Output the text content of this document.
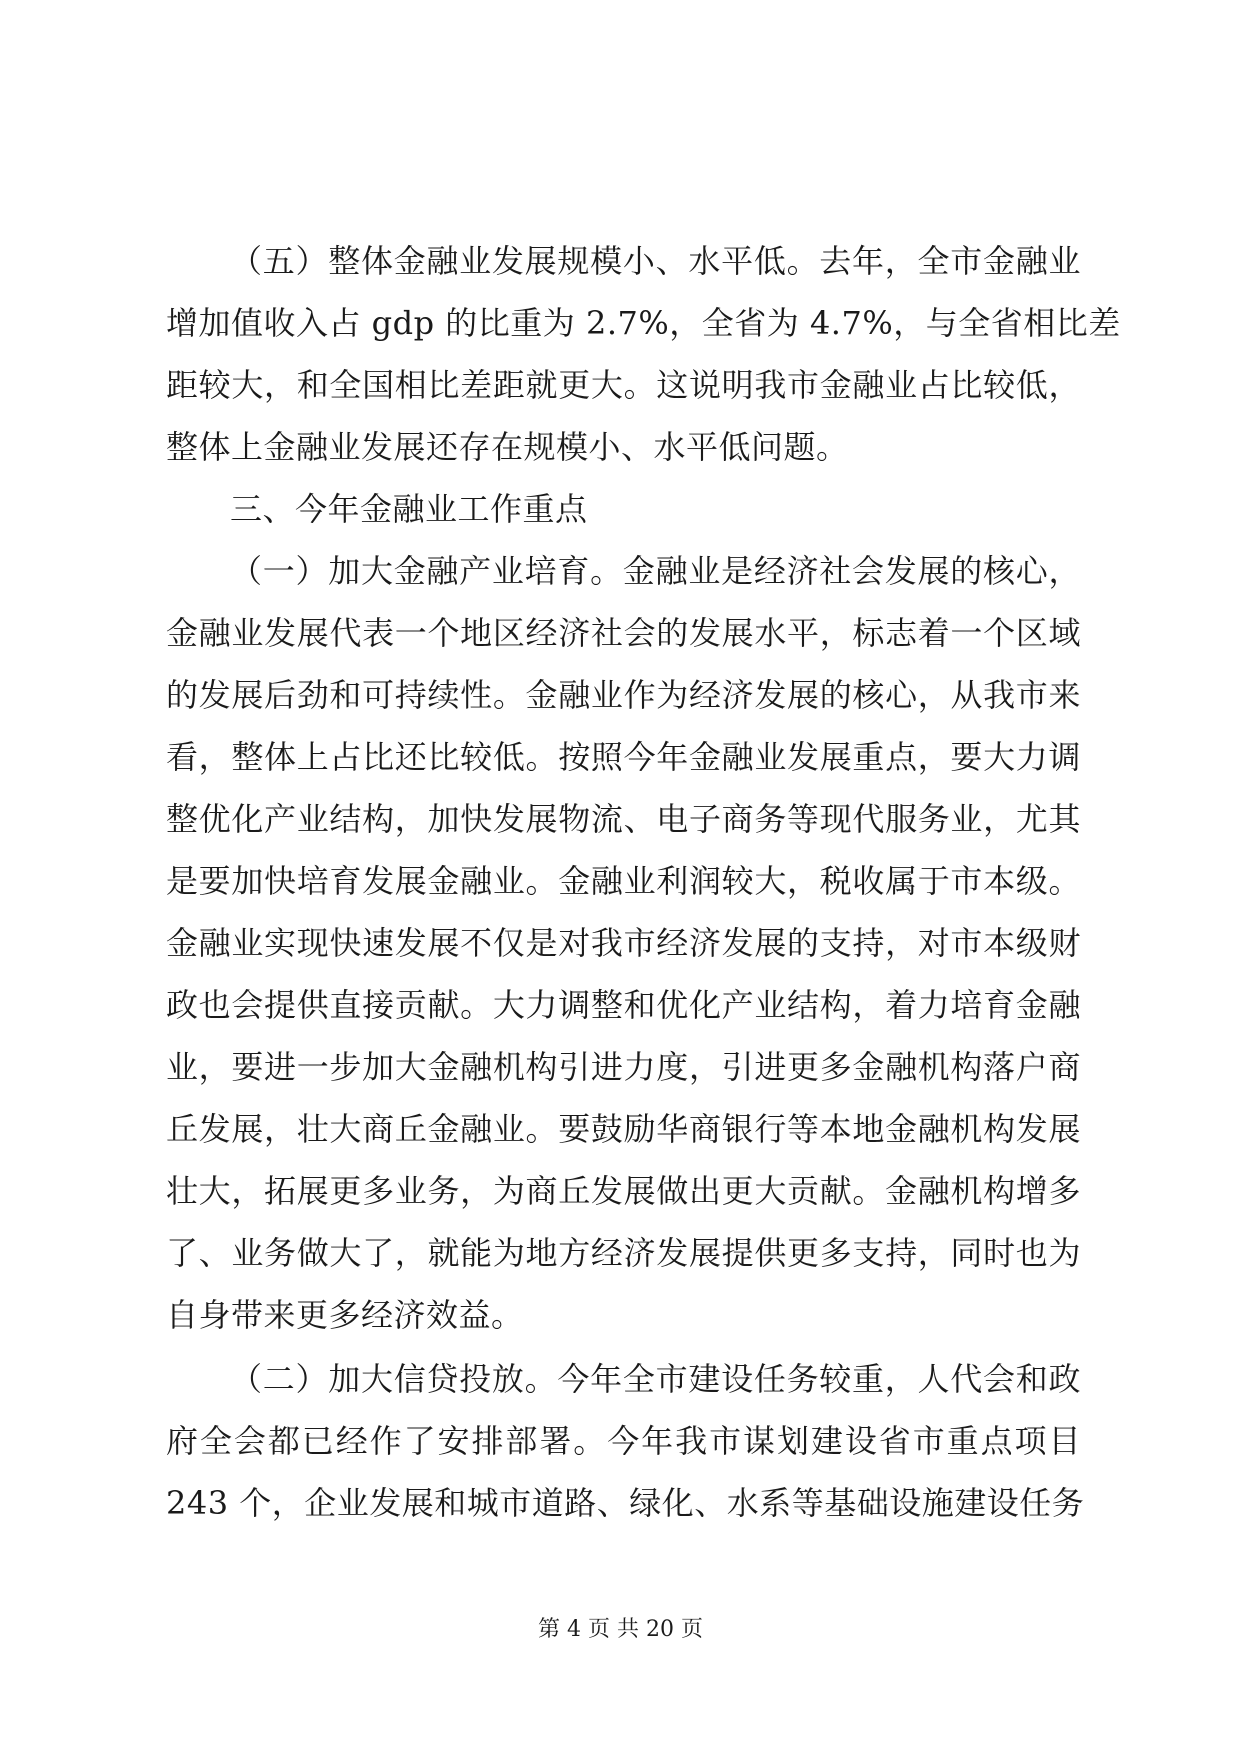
（五）整体金融业发展规模小、水平低。去年，全市金融业
增加值收入占 gdp 的比重为 2.7%，全省为 4.7%，与全省相比差
距较大，和全国相比差距就更大。这说明我市金融业占比较低，
整体上金融业发展还存在规模小、水平低问题。
三、今年金融业工作重点
（一）加大金融产业培育。金融业是经济社会发展的核心，
金融业发展代表一个地区经济社会的发展水平，标志着一个区域
的发展后劲和可持续性。金融业作为经济发展的核心，从我市来
看，整体上占比还比较低。按照今年金融业发展重点，要大力调
整优化产业结构，加快发展物流、电子商务等现代服务业，尤其
是要加快培育发展金融业。金融业利润较大，税收属于市本级。
金融业实现快速发展不仅是对我市经济发展的支持，对市本级财
政也会提供直接贡献。大力调整和优化产业结构，着力培育金融
业，要进一步加大金融机构引进力度，引进更多金融机构落户商
丘发展，壮大商丘金融业。要鼓励华商银行等本地金融机构发展
壮大，拓展更多业务，为商丘发展做出更大贡献。金融机构增多
了、业务做大了，就能为地方经济发展提供更多支持，同时也为
自身带来更多经济效益。
（二）加大信贷投放。今年全市建设任务较重，人代会和政
府全会都已经作了安排部署。今年我市谋划建设省市重点项目
243 个，企业发展和城市道路、绿化、水系等基础设施建设任务
第 4 页 共 20 页
